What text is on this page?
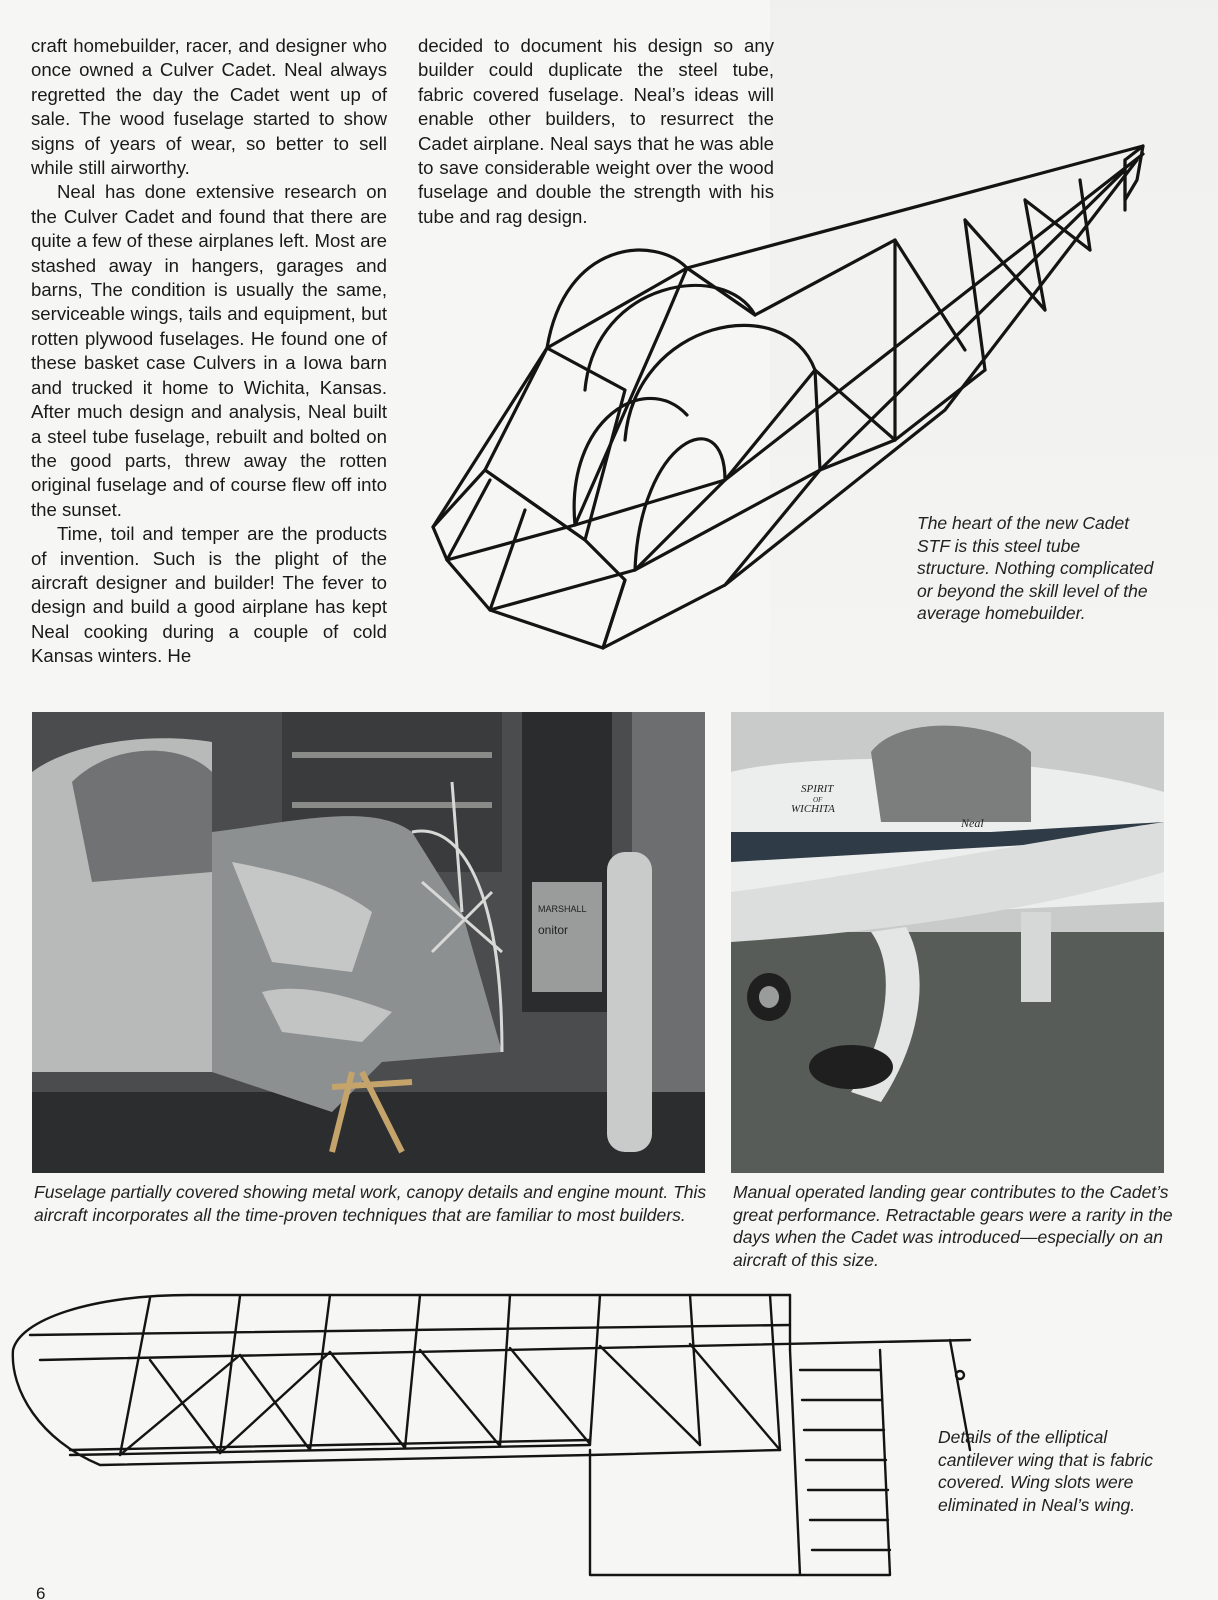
craft homebuilder, racer, and designer who once owned a Culver Cadet. Neal always regretted the day the Cadet went up of sale. The wood fuselage started to show signs of years of wear, so better to sell while still airworthy.

Neal has done extensive research on the Culver Cadet and found that there are quite a few of these airplanes left. Most are stashed away in hangers, garages and barns, The condition is usually the same, serviceable wings, tails and equipment, but rotten plywood fuselages. He found one of these basket case Culvers in a Iowa barn and trucked it home to Wichita, Kansas. After much design and analysis, Neal built a steel tube fuselage, rebuilt and bolted on the good parts, threw away the rotten original fuselage and of course flew off into the sunset.

Time, toil and temper are the products of invention. Such is the plight of the aircraft designer and builder! The fever to design and build a good airplane has kept Neal cooking during a couple of cold Kansas winters. He

decided to document his design so any builder could duplicate the steel tube, fabric covered fuselage. Neal’s ideas will enable other builders, to resurrect the Cadet airplane. Neal says that he was able to save considerable weight over the wood fuselage and double the strength with his tube and rag design.

The heart of the new Cadet STF is this steel tube structure. Nothing complicated or beyond the skill level of the average homebuilder.
MARSHALL
onitor
Fuselage partially covered showing metal work, canopy details and engine mount. This aircraft incorporates all the time-proven techniques that are familiar to most builders.
SPIRIT
OF
WICHITA
Neal
Manual operated landing gear contributes to the Cadet’s great performance. Retractable gears were a rarity in the days when the Cadet was introduced—especially on an aircraft of this size.
Details of the elliptical cantilever wing that is fabric covered. Wing slots were eliminated in Neal’s wing.
6
